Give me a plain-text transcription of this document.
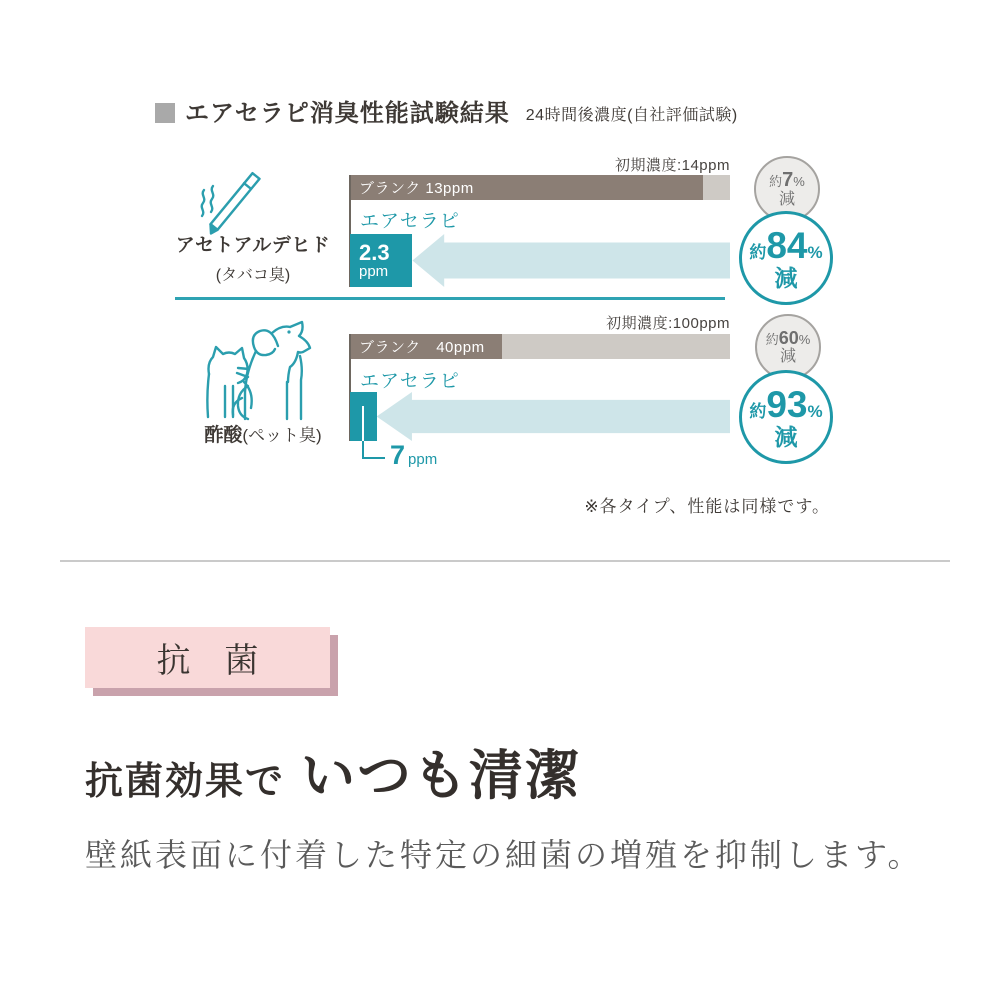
エアセラピ消臭性能試験結果 24時間後濃度(自社評価試験)
アセトアルデヒド
(タバコ臭)
初期濃度:14ppm
ブランク 13ppm
エアセラピ
2.3
ppm
約 7 %
減
約 84 %
減
酢酸(ペット臭)
初期濃度:100ppm
ブランク　40ppm
エアセラピ
7 ppm
約 60 %
減
約 93 %
減
※各タイプ、性能は同様です。
抗菌
抗菌効果で いつも清潔
壁紙表面に付着した特定の細菌の増殖を抑制します。
